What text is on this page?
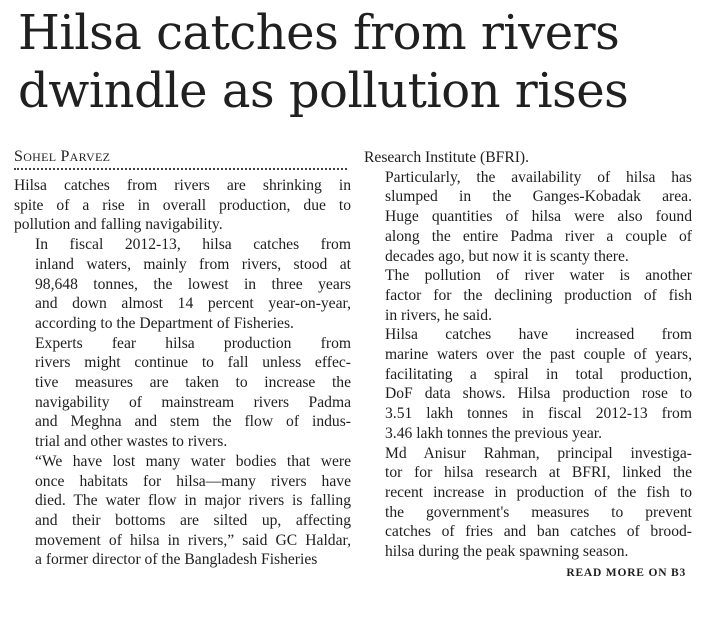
Hilsa catches from rivers
dwindle as pollution rises
SOHEL PARVEZ

Hilsa catches from rivers are shrinking in
spite of a rise in overall production, due to
pollution and falling navigability.

In fiscal 2012-13, hilsa catches from
inland waters, mainly from rivers, stood at
98,648 tonnes, the lowest in three years
and down almost 14 percent year-on-year,
according to the Department of Fisheries.

Experts fear hilsa production from
rivers might continue to fall unless effec-
tive measures are taken to increase the
navigability of mainstream rivers Padma
and Meghna and stem the flow of indus-
trial and other wastes to rivers.

“We have lost many water bodies that were
once habitats for hilsa—many rivers have
died. The water flow in major rivers is falling
and their bottoms are silted up, affecting
movement of hilsa in rivers,” said GC Haldar,
a former director of the Bangladesh Fisheries

Research Institute (BFRI).

Particularly, the availability of hilsa has
slumped in the Ganges-Kobadak area.
Huge quantities of hilsa were also found
along the entire Padma river a couple of
decades ago, but now it is scanty there.

The pollution of river water is another
factor for the declining production of fish
in rivers, he said.

Hilsa catches have increased from
marine waters over the past couple of years,
facilitating a spiral in total production,
DoF data shows. Hilsa production rose to
3.51 lakh tonnes in fiscal 2012-13 from
3.46 lakh tonnes the previous year.

Md Anisur Rahman, principal investiga-
tor for hilsa research at BFRI, linked the
recent increase in production of the fish to
the government's measures to prevent
catches of fries and ban catches of brood-
hilsa during the peak spawning season.

READ MORE ON B3
